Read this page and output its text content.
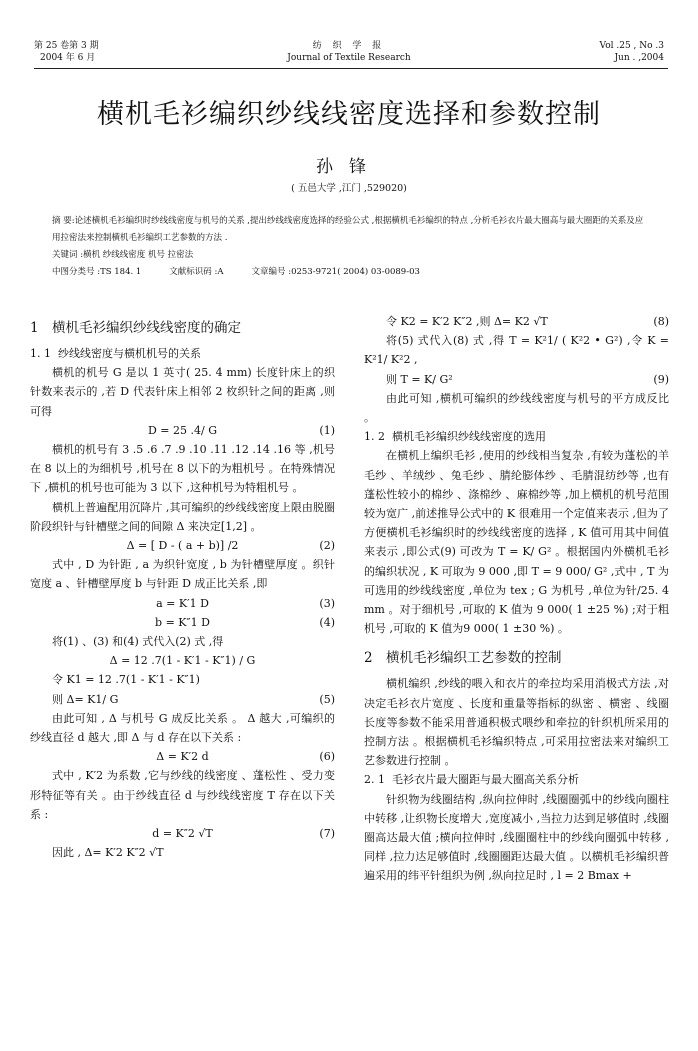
第 25 卷第 3 期
2004 年 6 月
纺 织 学 报
Journal of Textile Research
Vol .25 , No .3
Jun . ,2004
横机毛衫编织纱线线密度选择和参数控制
孙锋
( 五邑大学 ,江门 ,529020)

摘 要:论述横机毛衫编织时纱线线密度与机号的关系 ,提出纱线线密度选择的经验公式 ,根据横机毛衫编织的特点 ,分析毛衫衣片最大圈高与最大圈距的关系及应用拉密法来控制横机毛衫编织工艺参数的方法 .

关键词 :横机 纱线线密度 机号 拉密法

中图分类号 :TS 184. 1	文献标识码 :A	文章编号 :0253-9721( 2004) 03-0089-03

1 横机毛衫编织纱线线密度的确定

1. 1 纱线线密度与横机机号的关系

横机的机号 G 是以 1 英寸( 25. 4 mm) 长度针床上的织针数来表示的 ,若 D 代表针床上相邻 2 枚织针之间的距离 ,则可得

D = 25 .4/ G	(1)

横机的机号有 3 .5 .6 .7 .9 .10 .11 .12 .14 .16 等 ,机号在 8 以上的为细机号 ,机号在 8 以下的为粗机号 。在特殊情况下 ,横机的机号也可能为 3 以下 ,这种机号为特粗机号 。

横机上普遍配用沉降片 ,其可编织的纱线线密度上限由脱圈阶段织针与针槽壁之间的间隙 Δ 来决定[1,2] 。

Δ = [ D - ( a + b)] /2	(2)

式中 , D 为针距 , a 为织针宽度 , b 为针槽壁厚度 。织针宽度 a 、针槽壁厚度 b 与针距 D 成正比关系 ,即

a = K′1 D	(3)

b = K″1 D	(4)

将(1) 、(3) 和(4) 式代入(2) 式 ,得

Δ = 12 .7(1 - K′1 - K″1) / G

令 K1 = 12 .7(1 - K′1 - K″1)

则 Δ= K1/ G	(5)

由此可知 , Δ 与机号 G 成反比关系 。 Δ 越大 ,可编织的纱线直径 d 越大 ,即 Δ 与 d 存在以下关系 :

Δ = K′2 d	(6)

式中 , K′2 为系数 ,它与纱线的线密度 、蓬松性 、受力变形特征等有关 。由于纱线直径 d 与纱线线密度 T 存在以下关系 :

d = K″2 √T	(7)

因此 , Δ= K′2 K″2 √T

令 K2 = K′2 K″2 ,则 Δ= K2 √T	(8)

将(5) 式代入(8) 式 ,得 T = K²1/ ( K²2 • G²) ,令 K = K²1/ K²2 ,

则 T = K/ G²	(9)

由此可知 ,横机可编织的纱线线密度与机号的平方成反比 。

1. 2 横机毛衫编织纱线线密度的选用

在横机上编织毛衫 ,使用的纱线相当复杂 ,有较为蓬松的羊毛纱 、羊绒纱 、兔毛纱 、腈纶膨体纱 、毛腈混纺纱等 ,也有蓬松性较小的棉纱 、涤棉纱 、麻棉纱等 ,加上横机的机号范围较为宽广 ,前述推导公式中的 K 很难用一个定值来表示 ,但为了方便横机毛衫编织时的纱线线密度的选择 , K 值可用其中间值来表示 ,即公式(9) 可改为 T = K/ G² 。根据国内外横机毛衫的编织状况 , K 可取为 9 000 ,即 T = 9 000/ G² ,式中 , T 为可选用的纱线线密度 ,单位为 tex ; G 为机号 ,单位为针/25. 4 mm 。对于细机号 ,可取的 K 值为 9 000( 1 ±25 %) ;对于粗机号 ,可取的 K 值为9 000( 1 ±30 %) 。

2 横机毛衫编织工艺参数的控制

横机编织 ,纱线的喂入和衣片的牵拉均采用消极式方法 ,对决定毛衫衣片宽度 、长度和重量等指标的纵密 、横密 、线圈长度等参数不能采用普通积极式喂纱和牵拉的针织机所采用的控制方法 。根据横机毛衫编织特点 ,可采用拉密法来对编织工艺参数进行控制 。

2. 1 毛衫衣片最大圈距与最大圈高关系分析

针织物为线圈结构 ,纵向拉伸时 ,线圈圈弧中的纱线向圈柱中转移 ,让织物长度增大 ,宽度减小 ,当拉力达到足够值时 ,线圈圈高达最大值 ;横向拉伸时 ,线圈圈柱中的纱线向圈弧中转移 ,同样 ,拉力达足够值时 ,线圈圈距达最大值 。以横机毛衫编织普遍采用的纬平针组织为例 ,纵向拉足时 , l = 2 Bmax +
